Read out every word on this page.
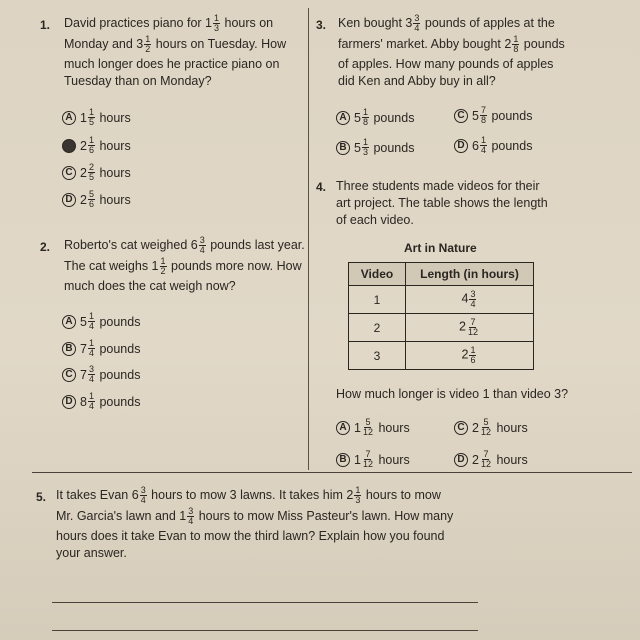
1. David practices piano for $1 \frac{1}{3}$ hours on
Monday and $3 \frac{1}{2}$ hours on Tuesday. How
much longer does he practice piano on
Tuesday than on Monday?
A $1 \frac{1}{5}$
hours
B $2 \frac{1}{6}$
hours
C $2 \frac{2}{5}$
hours
D $2 \frac{5}{6}$
hours
2. Roberto's cat weighed $6 \frac{3}{4}$ pounds last year.
The cat weighs $1 \frac{1}{2}$ pounds more now. How
much does the cat weigh now?
A $5 \frac{1}{4}$
pounds
B $7 \frac{1}{4}$
pounds
C $7 \frac{3}{4}$
pounds
D $8 \frac{1}{4}$
pounds
3. Ken bought $3 \frac{3}{4}$ pounds of apples at the
farmers' market. Abby bought $2 \frac{1}{8}$ pounds
of apples. How many pounds of apples
did Ken and Abby buy in all?
A $5 \frac{1}{8}$
pounds	C $5 \frac{7}{8}$
pounds
B $5 \frac{1}{3}$
pounds	D $6 \frac{1}{4}$
pounds
4. Three students made videos for their
art project. The table shows the length
of each video.
Art in Nature
Video	Length (in hours)
1	$4 \frac{3}{4}$

2	$2 \frac{7}{12}$

3	$2 \frac{1}{6}$
How much longer is video 1 than video 3?
A $1 \frac{5}{12}$
hours	C $2 \frac{5}{12}$
hours
B $1 \frac{7}{12}$
hours	D $2 \frac{7}{12}$
hours
5. It takes Evan $6 \frac{3}{4}$ hours to mow 3 lawns. It takes him $2 \frac{1}{3}$ hours to mow
Mr. Garcia's lawn and $1 \frac{3}{4}$ hours to mow Miss Pasteur's lawn. How many
hours does it take Evan to mow the third lawn? Explain how you found
your answer.
